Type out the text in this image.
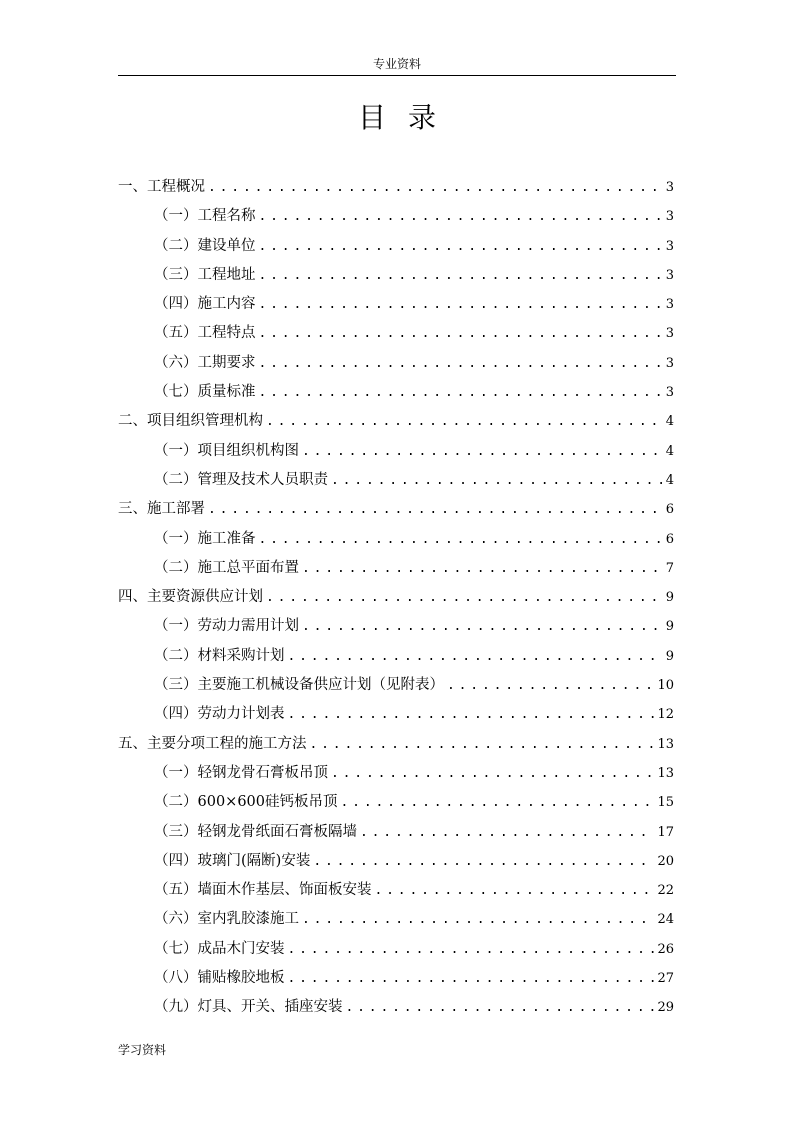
专业资料
目录
一、工程概况 . . .	3
（一）工程名称 . . .	3
（二）建设单位 . . .	3
（三）工程地址 . . .	3
（四）施工内容 . . .	3
（五）工程特点 . . .	3
（六）工期要求 . . .	3
（七）质量标准 . . .	3
二、项目组织管理机构 . . .	4
（一）项目组织机构图 . . .	4
（二）管理及技术人员职责 . . .	4
三、施工部署 . . .	6
（一）施工准备 . . .	6
（二）施工总平面布置 . . .	7
四、主要资源供应计划 . . .	9
（一）劳动力需用计划 . . .	9
（二）材料采购计划 . . .	9
（三）主要施工机械设备供应计划（见附表） . . .	10
（四）劳动力计划表 . . .	12
五、主要分项工程的施工方法 . . .	13
（一）轻钢龙骨石膏板吊顶 . . .	13
（二）600×600硅钙板吊顶 . . .	15
（三）轻钢龙骨纸面石膏板隔墙 . . .	17
（四）玻璃门(隔断)安装 . . .	20
（五）墙面木作基层、饰面板安装 . . .	22
（六）室内乳胶漆施工 . . .	24
（七）成品木门安装 . . .	26
（八）铺贴橡胶地板 . . .	27
（九）灯具、开关、插座安装 . . .	29
学习资料
